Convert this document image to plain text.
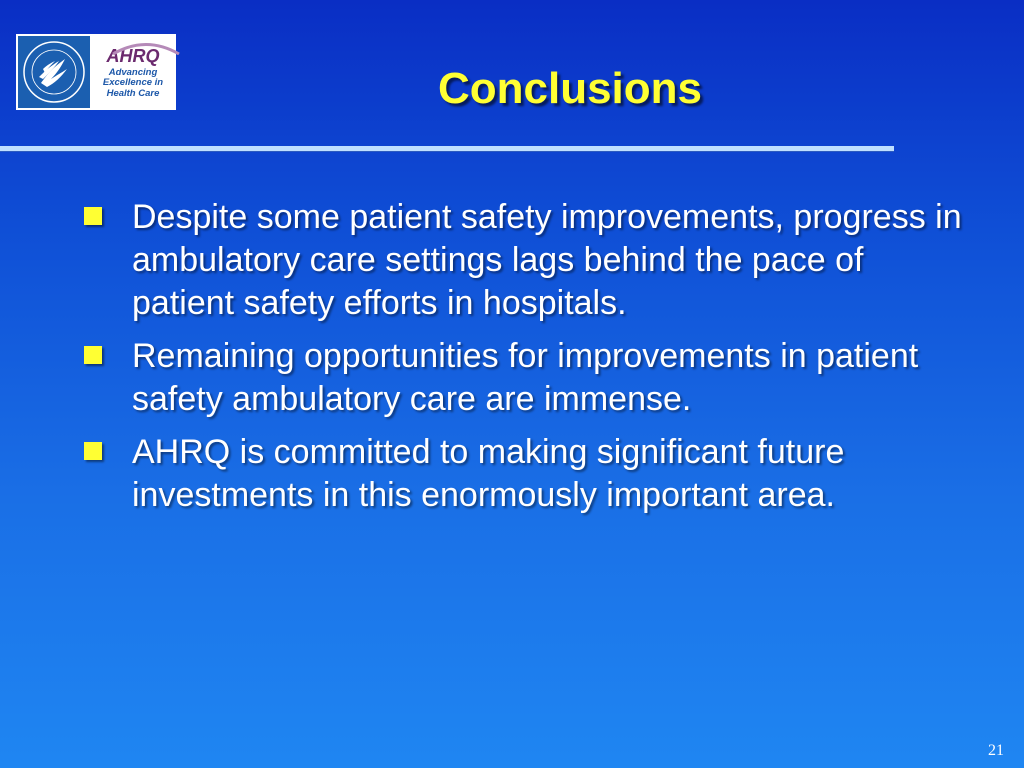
AHRQ
Advancing
Excellence in
Health Care	Conclusions
Despite some patient safety improvements, progress in ambulatory care settings lags behind the pace of patient safety efforts in hospitals.
Remaining opportunities for improvements in patient safety ambulatory care are immense.
AHRQ is committed to making significant future investments in this enormously important area.
21
